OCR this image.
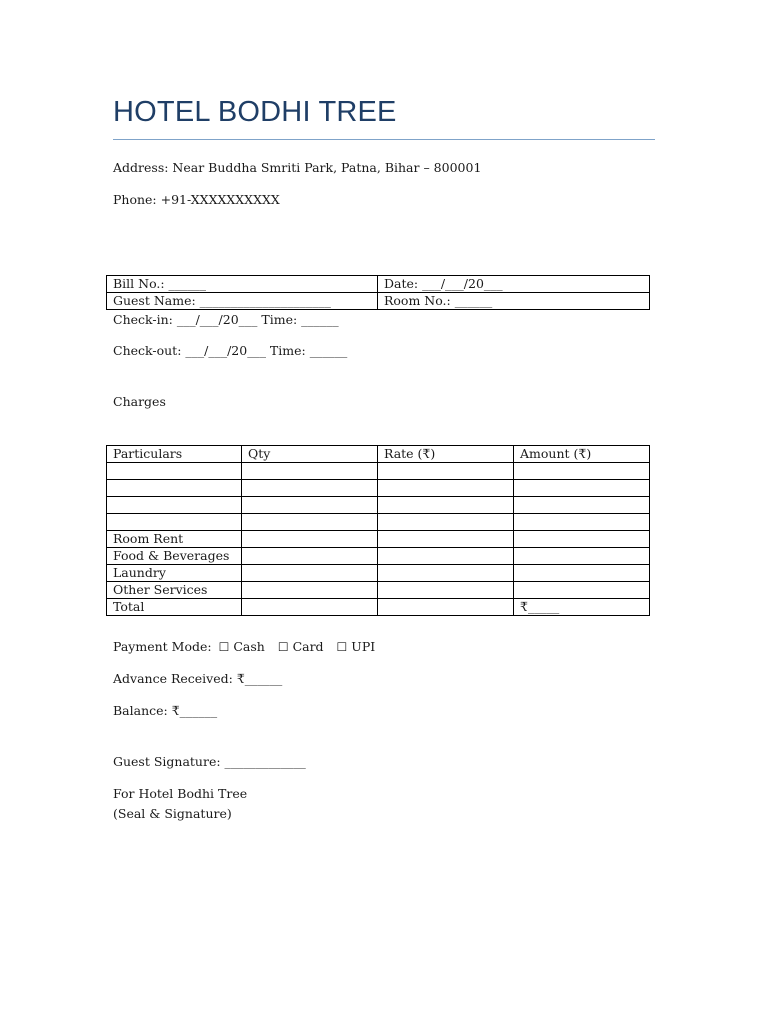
HOTEL BODHI TREE
Address: Near Buddha Smriti Park, Patna, Bihar – 800001
Phone: +91-XXXXXXXXXX
Bill No.: ______	Date: ___/___/20___
Guest Name: _____________________	Room No.: ______
Check-in: ___/___/20___ Time: ______
Check-out: ___/___/20___ Time: ______
Charges
Particulars	Qty	Rate (₹)	Amount (₹)

Room Rent			
Food & Beverages			
Laundry			
Other Services			
Total			₹_____
Payment Mode: ☐ Cash ☐ Card ☐ UPI
Advance Received: ₹______
Balance: ₹______
Guest Signature: _____________
For Hotel Bodhi Tree
(Seal & Signature)
